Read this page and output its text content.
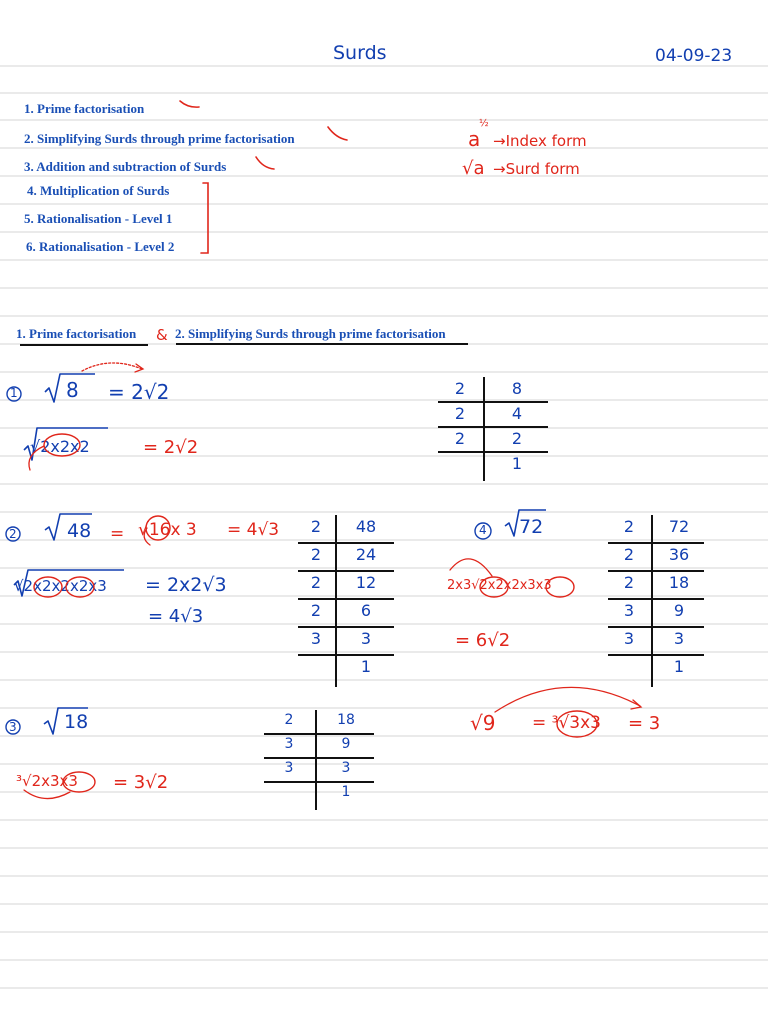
Surds	04-09-23
1. Prime factorisation
2. Simplifying Surds through prime factorisation
3. Addition and subtraction of Surds
4. Multiplication of Surds
5. Rationalisation - Level 1
6. Rationalisation - Level 2
a
½
→Index form
√a →Surd form
1. Prime factorisation & 2. Simplifying Surds through prime factorisation
1 8 = 2√2
√2x2x2	= 2√2
2	48 = √16x 3 = 4√3
√2x2x2x2x3 = 2x2√3
= 4√3
3 18
³√2x3x3 = 3√2
4 72
2x3√2x2x2x3x3
= 6√2
√9 = ³√3x3 = 3
2	8
2	4
2	2
1
2	48
2	24
2	12
2	6
3	3
1
2	18
3	9
3	3
1
2	72
2	36
2	18
3	9
3	3
1
